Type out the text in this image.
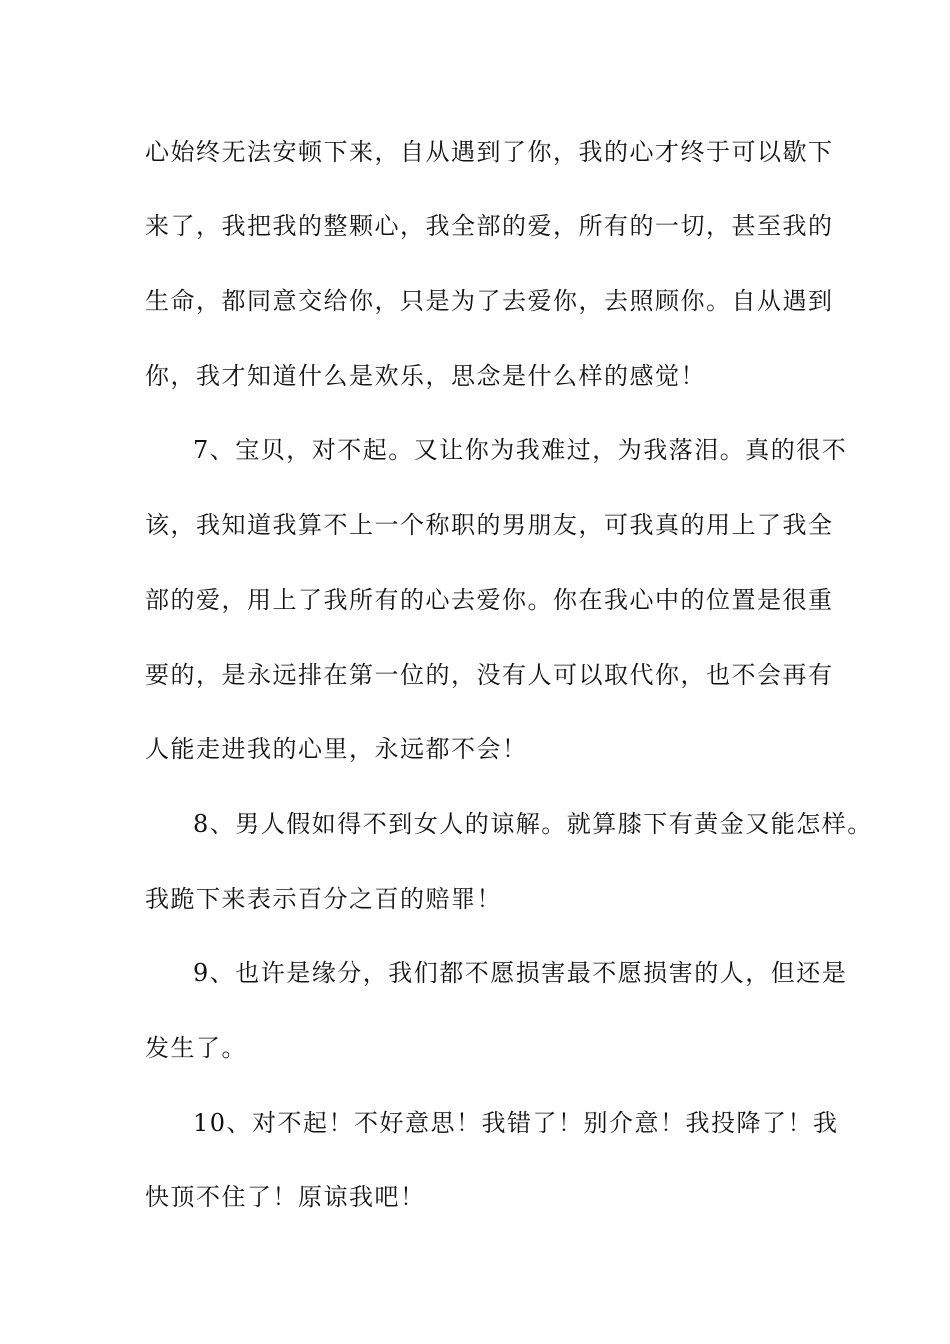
心始终无法安顿下来，自从遇到了你，我的心才终于可以歇下
来了，我把我的整颗心，我全部的爱，所有的一切，甚至我的
生命，都同意交给你，只是为了去爱你，去照顾你。自从遇到
你，我才知道什么是欢乐，思念是什么样的感觉！
7、宝贝，对不起。又让你为我难过，为我落泪。真的很不
该，我知道我算不上一个称职的男朋友，可我真的用上了我全
部的爱，用上了我所有的心去爱你。你在我心中的位置是很重
要的，是永远排在第一位的，没有人可以取代你，也不会再有
人能走进我的心里，永远都不会！
8、男人假如得不到女人的谅解。就算膝下有黄金又能怎样。
我跪下来表示百分之百的赔罪！
9、也许是缘分，我们都不愿损害最不愿损害的人，但还是
发生了。
10、对不起！不好意思！我错了！别介意！我投降了！我
快顶不住了！原谅我吧！
